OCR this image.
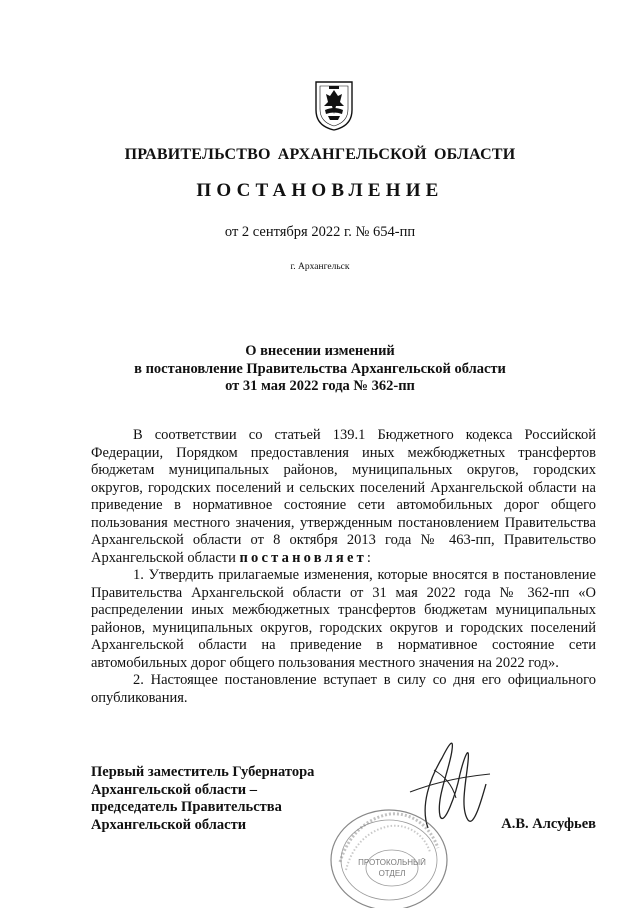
ПРАВИТЕЛЬСТВО АРХАНГЕЛЬСКОЙ ОБЛАСТИ
ПОСТАНОВЛЕНИЕ
от 2 сентября 2022 г. № 654-пп
г. Архангельск
О внесении изменений
в постановление Правительства Архангельской области
от 31 мая 2022 года № 362-пп

В соответствии со статьей 139.1 Бюджетного кодекса Российской Федерации, Порядком предоставления иных межбюджетных трансфертов бюджетам муниципальных районов, муниципальных округов, городских округов, городских поселений и сельских поселений Архангельской области на приведение в нормативное состояние сети автомобильных дорог общего пользования местного значения, утвержденным постановлением Правительства Архангельской области от 8 октября 2013 года № 463-пп, Правительство Архангельской области постановляет:

1. Утвердить прилагаемые изменения, которые вносятся в постановление Правительства Архангельской области от 31 мая 2022 года № 362-пп «О распределении иных межбюджетных трансфертов бюджетам муниципальных районов, муниципальных округов, городских округов и городских поселений Архангельской области на приведение в нормативное состояние сети автомобильных дорог общего пользования местного значения на 2022 год».

2. Настоящее постановление вступает в силу со дня его официального опубликования.

Первый заместитель Губернатора
Архангельской области –
председатель Правительства
Архангельской области	А.В. Алсуфьев
ПРОТОКОЛЬНЫЙ
ОТДЕЛ
